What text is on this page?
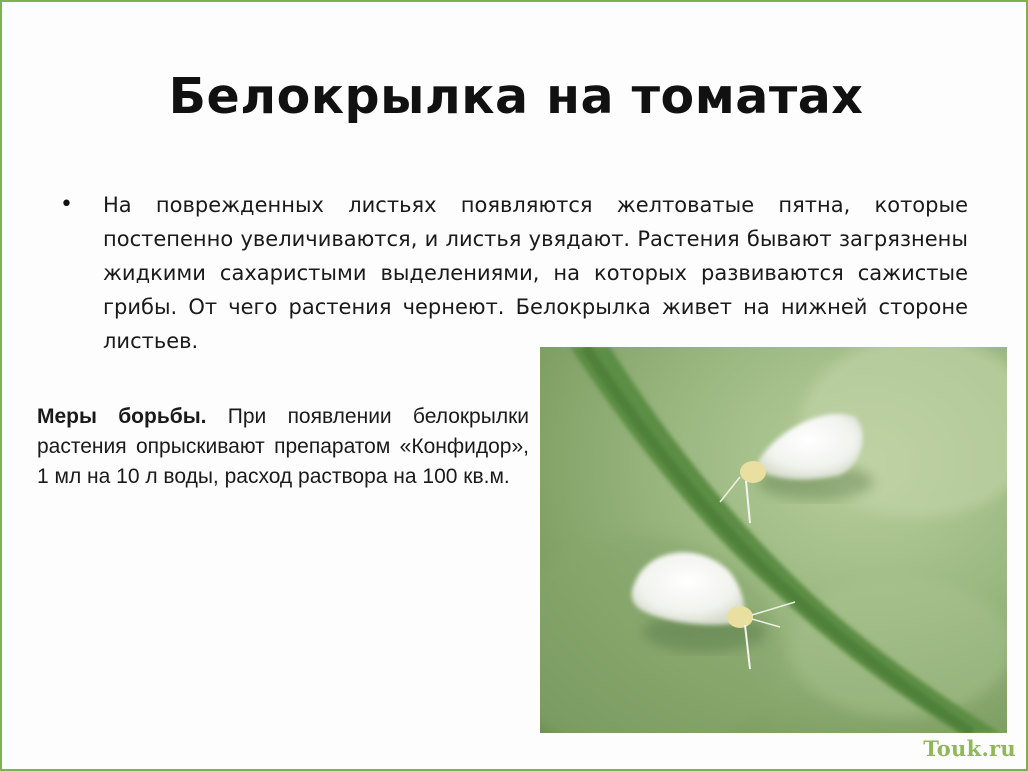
Белокрылка на томатах
• На поврежденных листьях появляются желтоватые пятна, которые постепенно увеличиваются, и листья увядают. Растения бывают загрязнены жидкими сахаристыми выделениями, на которых развиваются сажистые грибы. От чего растения чернеют. Белокрылка живет на нижней стороне листьев.
Меры борьбы. При появлении белокрылки растения опрыскивают препаратом «Конфидор», 1 мл на 10 л воды, расход раствора на 100 кв.м.
Touk.ru
